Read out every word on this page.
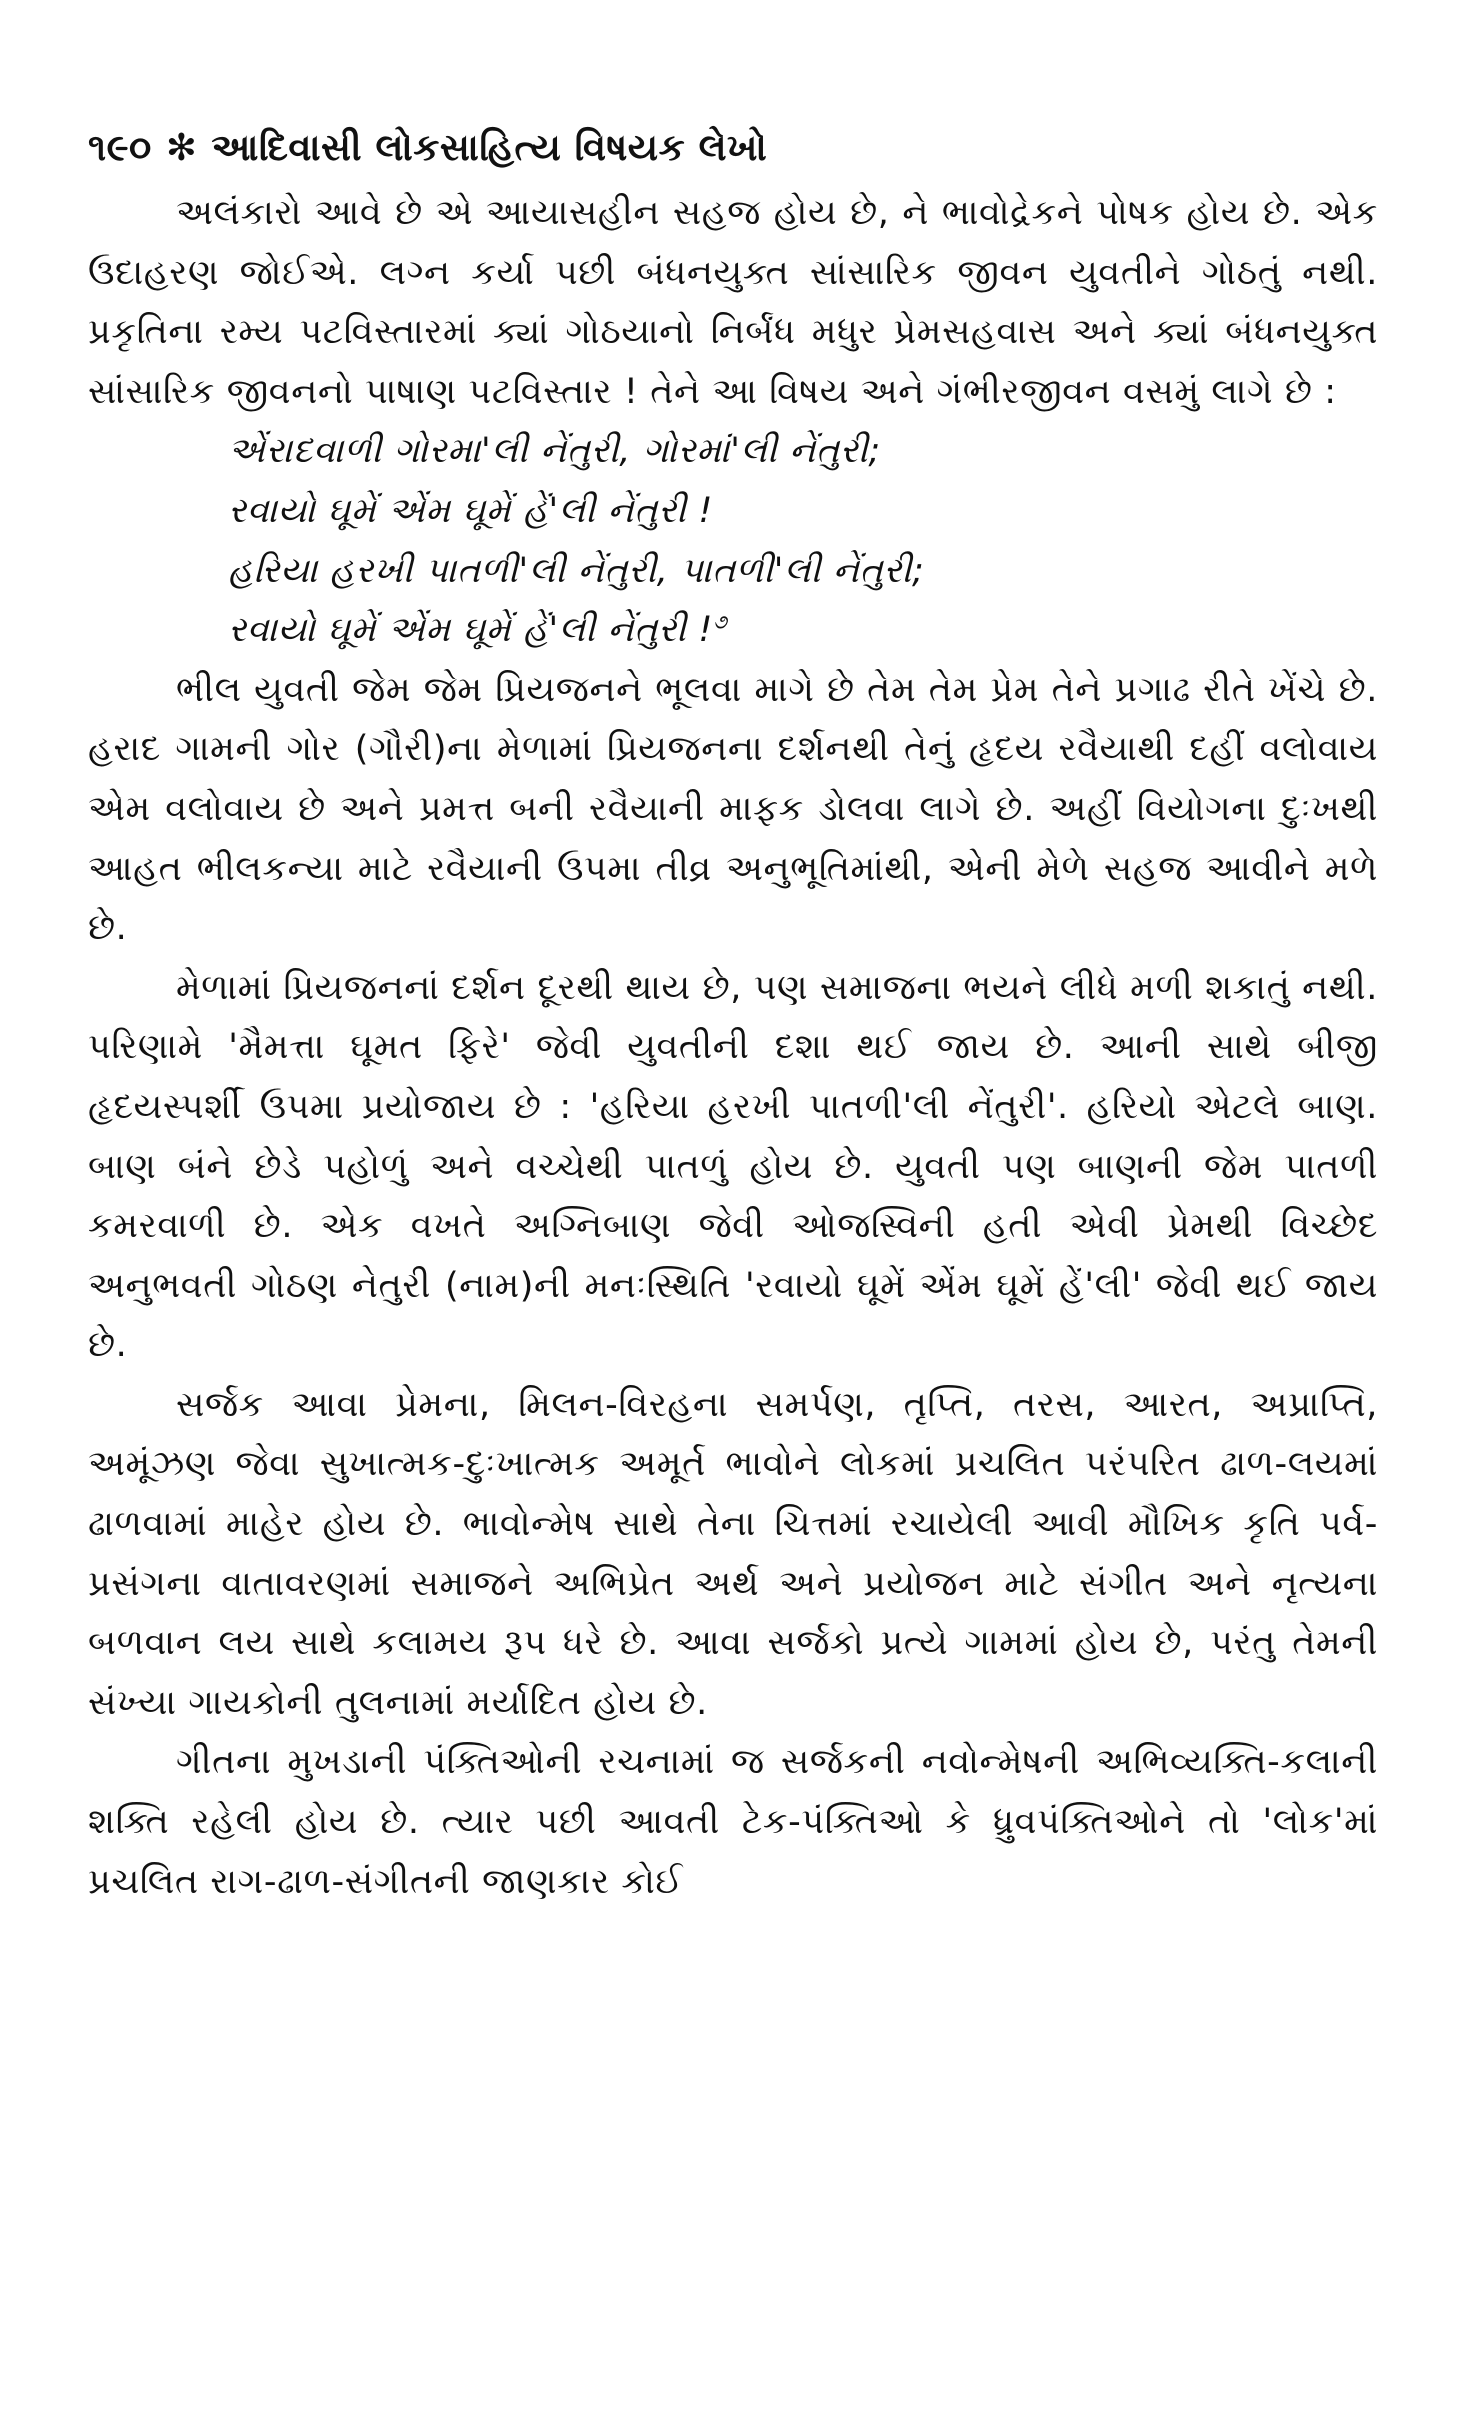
૧૯૦ ✻ આદિવાસી લોકસાહિત્ય વિષયક લેખો

અલંકારો આવે છે એ આયાસહીન સહજ હોય છે, ને ભાવોદ્રેકને પોષક હોય છે. એક ઉદાહરણ જોઈએ. લગ્ન કર્યા પછી બંધનયુક્ત સાંસારિક જીવન યુવતીને ગોઠતું નથી. પ્રકૃતિના રમ્ય પટવિસ્તારમાં ક્યાં ગોઠયાનો નિર્બંધ મધુર પ્રેમસહવાસ અને ક્યાં બંધનયુક્ત સાંસારિક જીવનનો પાષાણ પટવિસ્તાર ! તેને આ વિષય અને ગંભીરજીવન વસમું લાગે છે :

એંરાદવાળી ગોરમા'લી નેંતુરી, ગોરમાં'લી નેંતુરી;
રવાયો ઘૂમેં એંમ ઘૂમેં હેં'લી નેંતુરી !
હરિયા હરખી પાતળી'લી નેંતુરી, પાતળી'લી નેંતુરી;
રવાયો ઘૂમેં એંમ ઘૂમેં હેં'લી નેંતુરી !$^૭$

ભીલ યુવતી જેમ જેમ પ્રિયજનને ભૂલવા માગે છે તેમ તેમ પ્રેમ તેને પ્રગાઢ રીતે ખેંચે છે. હરાદ ગામની ગોર (ગૌરી)ના મેળામાં પ્રિયજનના દર્શનથી તેનું હૃદય રવૈયાથી દહીં વલોવાય એમ વલોવાય છે અને પ્રમત્ત બની રવૈયાની માફક ડોલવા લાગે છે. અહીં વિયોગના દુઃખથી આહત ભીલકન્યા માટે રવૈયાની ઉપમા તીવ્ર અનુભૂતિમાંથી, એની મેળે સહજ આવીને મળે છે.

મેળામાં પ્રિયજનનાં દર્શન દૂરથી થાય છે, પણ સમાજના ભયને લીધે મળી શકાતું નથી. પરિણામે 'મૈમત્તા ઘૂમત ફિરે' જેવી યુવતીની દશા થઈ જાય છે. આની સાથે બીજી હૃદયસ્પર્શી ઉપમા પ્રયોજાય છે : 'હરિયા હરખી પાતળી'લી નેંતુરી'. હરિયો એટલે બાણ. બાણ બંને છેડે પહોળું અને વચ્ચેથી પાતળું હોય છે. યુવતી પણ બાણની જેમ પાતળી કમરવાળી છે. એક વખતે અગ્નિબાણ જેવી ઓજસ્વિની હતી એવી પ્રેમથી વિચ્છેદ અનુભવતી ગોઠણ નેતુરી (નામ)ની મનઃસ્થિતિ 'રવાયો ઘૂમેં એંમ ઘૂમેં હેં'લી' જેવી થઈ જાય છે.

સર્જક આવા પ્રેમના, મિલન-વિરહના સમર્પણ, તૃપ્તિ, તરસ, આરત, અપ્રાપ્તિ, અમૂંઝણ જેવા સુખાત્મક-દુઃખાત્મક અમૂર્ત ભાવોને લોકમાં પ્રચલિત પરંપરિત ઢાળ-લયમાં ઢાળવામાં માહેર હોય છે. ભાવોન્મેષ સાથે તેના ચિત્તમાં રચાયેલી આવી મૌખિક કૃતિ પર્વ-પ્રસંગના વાતાવરણમાં સમાજને અભિપ્રેત અર્થ અને પ્રયોજન માટે સંગીત અને નૃત્યના બળવાન લય સાથે કલામય રૂપ ધરે છે. આવા સર્જકો પ્રત્યે ગામમાં હોય છે, પરંતુ તેમની સંખ્યા ગાયકોની તુલનામાં મર્યાદિત હોય છે.

ગીતના મુખડાની પંક્તિઓની રચનામાં જ સર્જકની નવોન્મેષની અભિવ્યક્તિ-કલાની શક્તિ રહેલી હોય છે. ત્યાર પછી આવતી ટેક-પંક્તિઓ કે ધ્રુવપંક્તિઓને તો 'લોક'માં પ્રચલિત રાગ-ઢાળ-સંગીતની જાણકાર કોઈ
